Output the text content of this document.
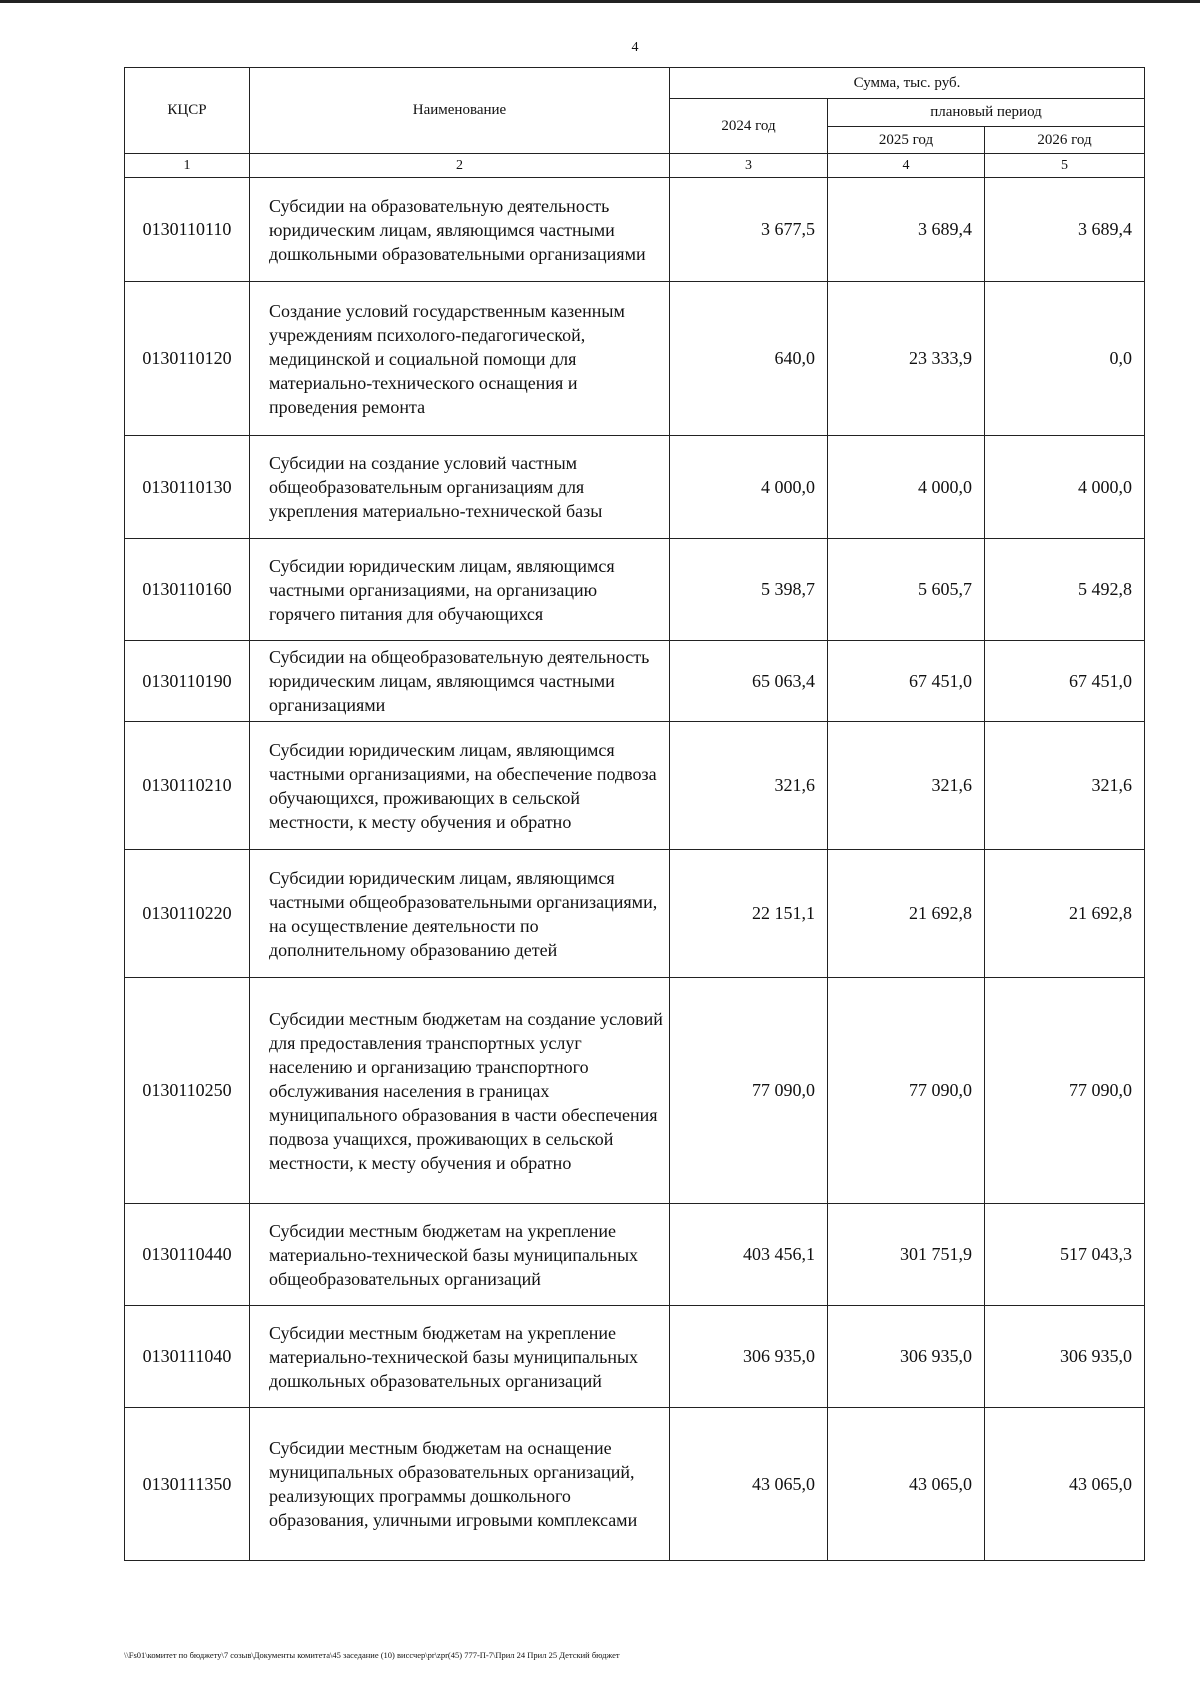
4
КЦСР	Наименование	Сумма, тыс. руб.		
		2024 год	плановый период	
			2025 год	2026 год
1	2	3	4	5
0130110110	Субсидии на образовательную деятельность юридическим лицам, являющимся частными дошкольными образовательными организациями	3 677,5	3 689,4	3 689,4
0130110120	Создание условий государственным казенным учреждениям психолого-педагогической, медицинской и социальной помощи для материально-технического оснащения и проведения ремонта	640,0	23 333,9	0,0
0130110130	Субсидии на создание условий частным общеобразовательным организациям для укрепления материально-технической базы	4 000,0	4 000,0	4 000,0
0130110160	Субсидии юридическим лицам, являющимся частными организациями, на организацию горячего питания для обучающихся	5 398,7	5 605,7	5 492,8
0130110190	Субсидии на общеобразовательную деятельность юридическим лицам, являющимся частными организациями	65 063,4	67 451,0	67 451,0
0130110210	Субсидии юридическим лицам, являющимся частными организациями, на обеспечение подвоза обучающихся, проживающих в сельской местности, к месту обучения и обратно	321,6	321,6	321,6
0130110220	Субсидии юридическим лицам, являющимся частными общеобразовательными организациями, на осуществление деятельности по дополнительному образованию детей	22 151,1	21 692,8	21 692,8
0130110250	Субсидии местным бюджетам на создание условий для предоставления транспортных услуг населению и организацию транспортного обслуживания населения в границах муниципального образования в части обеспечения подвоза учащихся, проживающих в сельской местности, к месту обучения и обратно	77 090,0	77 090,0	77 090,0
0130110440	Субсидии местным бюджетам на укрепление материально-технической базы муниципальных общеобразовательных организаций	403 456,1	301 751,9	517 043,3
0130111040	Субсидии местным бюджетам на укрепление материально-технической базы муниципальных дошкольных образовательных организаций	306 935,0	306 935,0	306 935,0
0130111350	Субсидии местным бюджетам на оснащение муниципальных образовательных организаций, реализующих программы дошкольного образования, уличными игровыми комплексами	43 065,0	43 065,0	43 065,0
\\Fs01\комитет по бюджету\7 созыв\Документы комитета\45 заседание (10) виссчер\pr\zpr(45) 777-П-7\Прил 24 Прил 25 Детский бюджет
